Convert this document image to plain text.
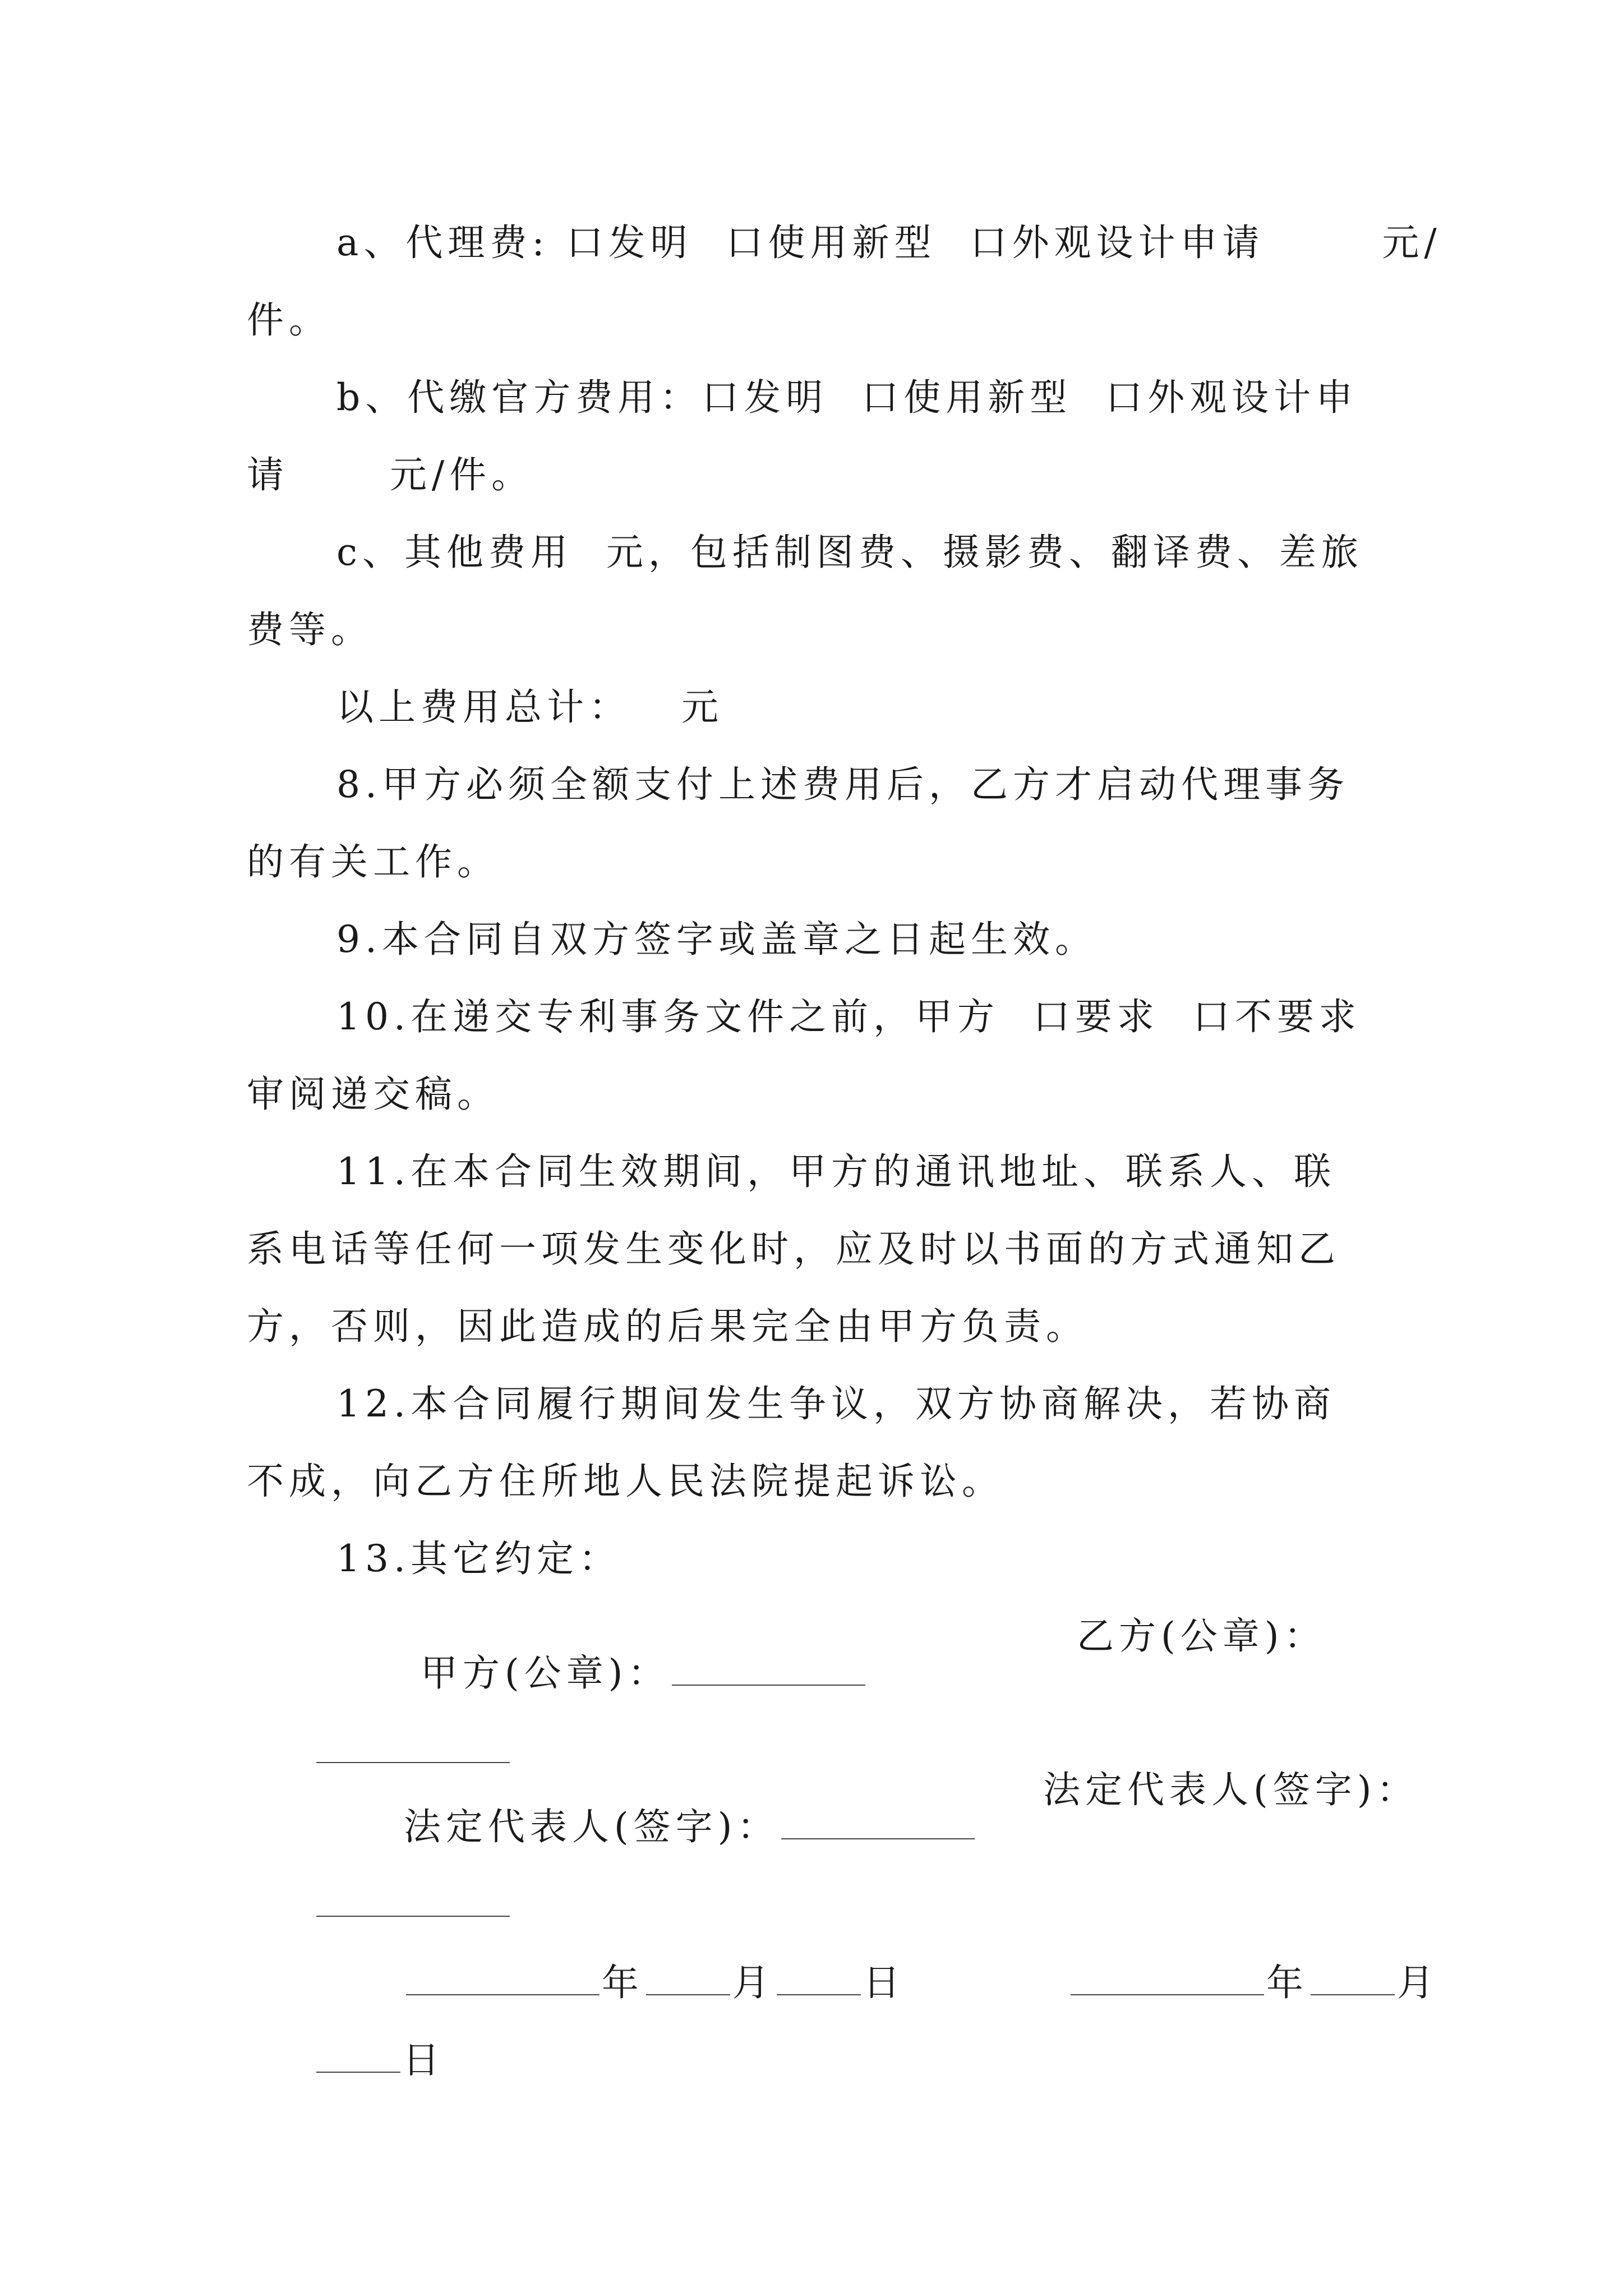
a、代理费: 口发明  口使用新型  口外观设计申请       元/
件。
b、代缴官方费用：口发明  口使用新型  口外观设计申
请      元/件。
c、其他费用  元，包括制图费、摄影费、翻译费、差旅
费等。
以上费用总计：   元
8.甲方必须全额支付上述费用后，乙方才启动代理事务
的有关工作。
9.本合同自双方签字或盖章之日起生效。
10.在递交专利事务文件之前，甲方  口要求  口不要求
审阅递交稿。
11.在本合同生效期间，甲方的通讯地址、联系人、联
系电话等任何一项发生变化时，应及时以书面的方式通知乙
方，否则，因此造成的后果完全由甲方负责。
12.本合同履行期间发生争议，双方协商解决，若协商
不成，向乙方住所地人民法院提起诉讼。
13.其它约定：

甲方(公章)：

乙方(公章)：

法定代表人(签字)：

法定代表人(签字)：

年 月 日
	年 月

日
